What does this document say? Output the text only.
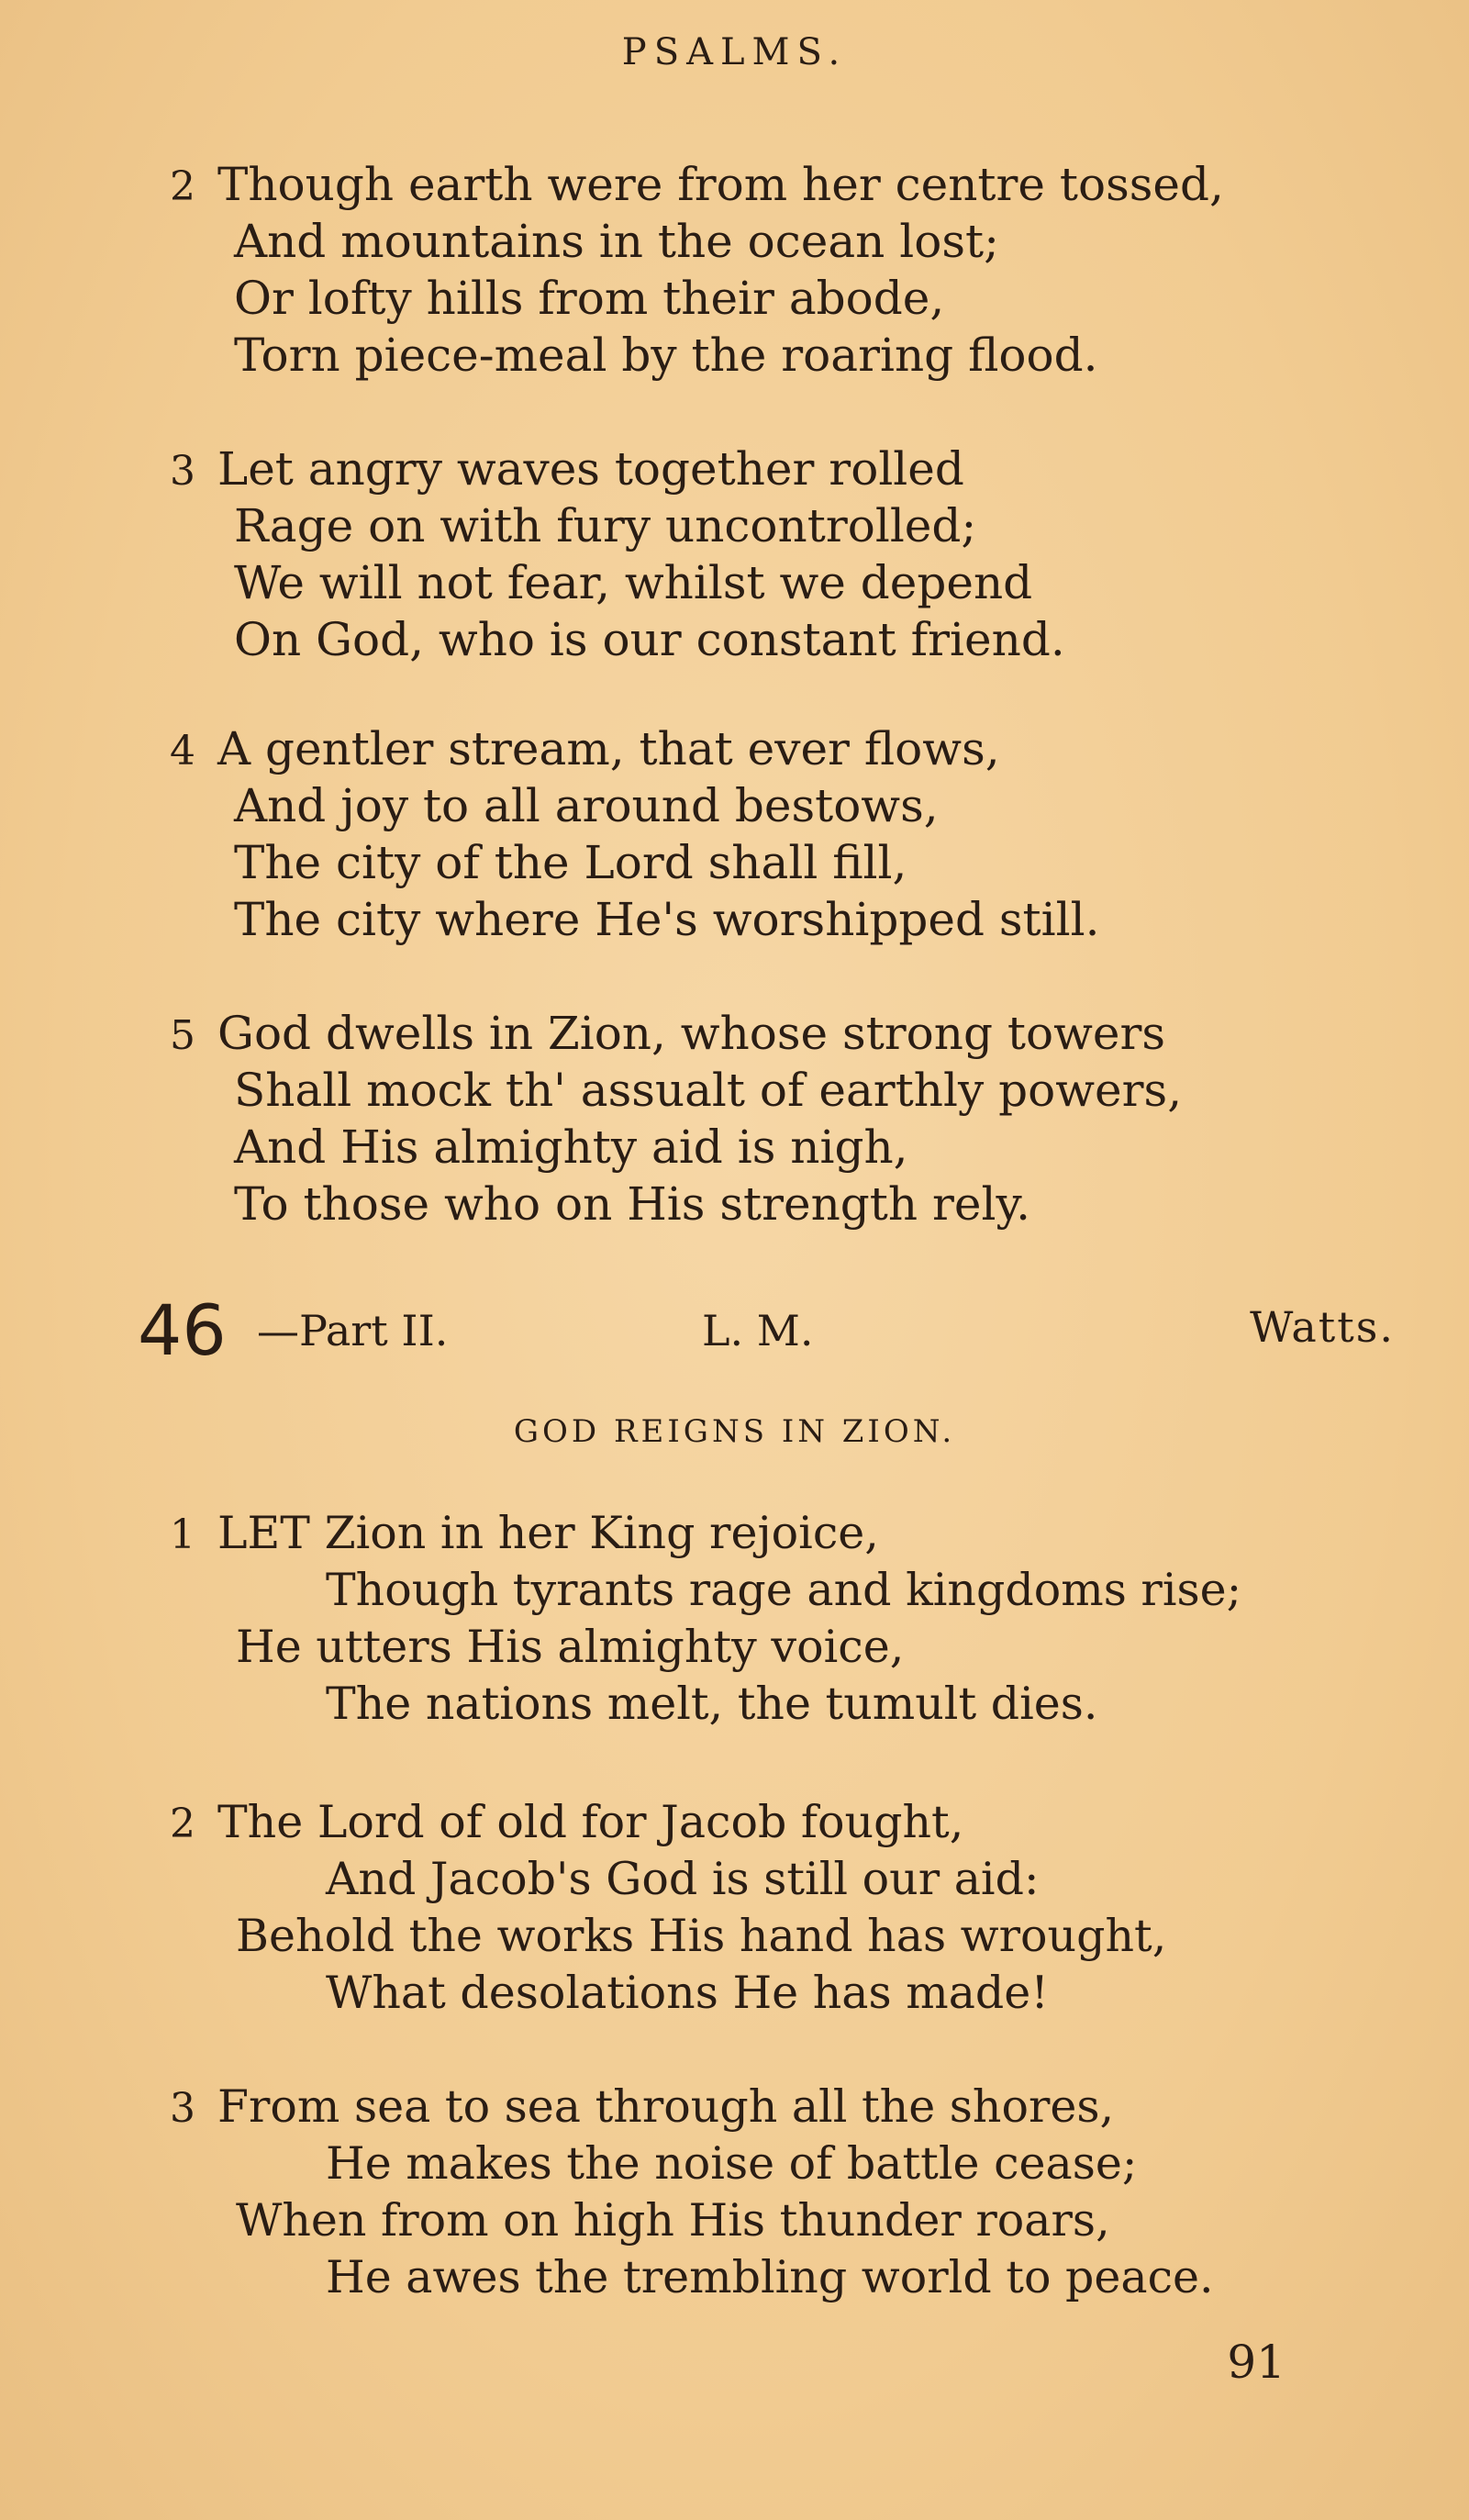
PSALMS.
2 Though earth were from her centre tossed,
And mountains in the ocean lost;
Or lofty hills from their abode,
Torn piece-meal by the roaring flood.
3 Let angry waves together rolled
Rage on with fury uncontrolled;
We will not fear, whilst we depend
On God, who is our constant friend.
4 A gentler stream, that ever flows,
And joy to all around bestows,
The city of the Lord shall fill,
The city where He's worshipped still.
5 God dwells in Zion, whose strong towers
Shall mock th' assualt of earthly powers,
And His almighty aid is nigh,
To those who on His strength rely.
46 —Part II.	L. M.	Watts.
GOD REIGNS IN ZION.
1 LET Zion in her King rejoice,
Though tyrants rage and kingdoms rise;
He utters His almighty voice,
The nations melt, the tumult dies.
2 The Lord of old for Jacob fought,
And Jacob's God is still our aid:
Behold the works His hand has wrought,
What desolations He has made!
3 From sea to sea through all the shores,
He makes the noise of battle cease;
When from on high His thunder roars,
He awes the trembling world to peace.
91
